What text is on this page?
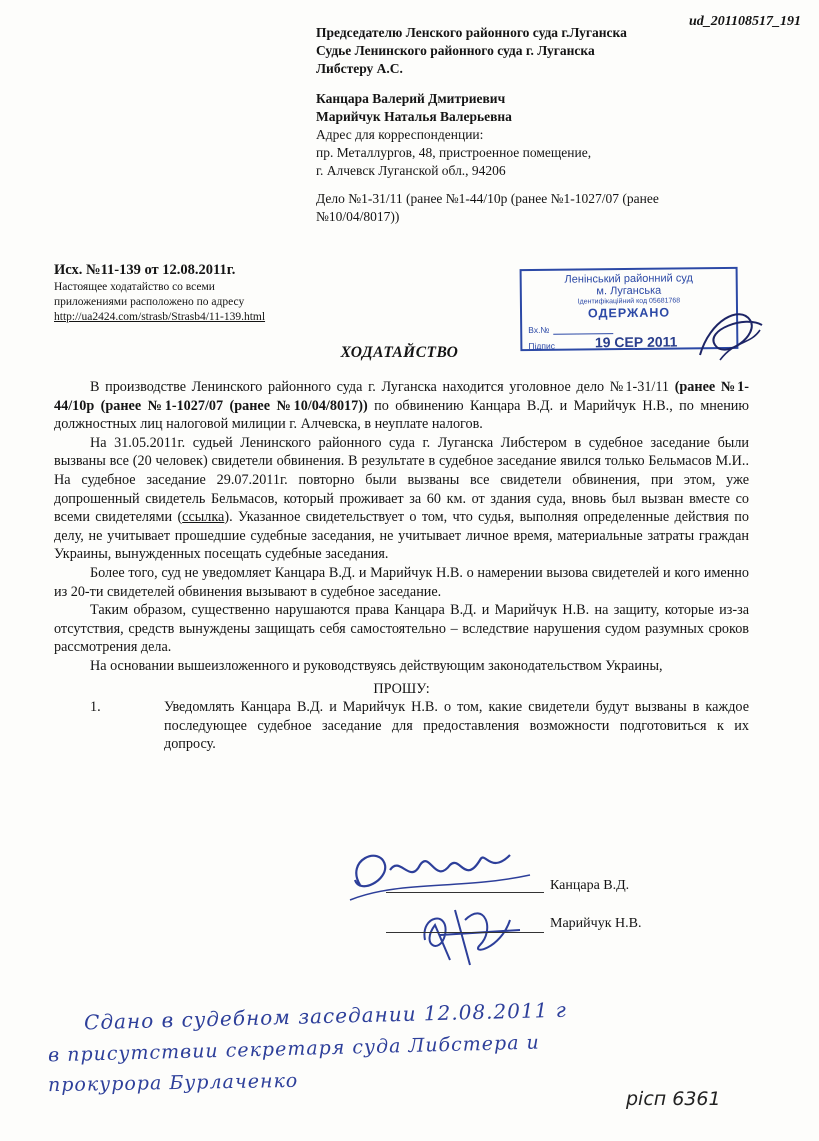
ud_201108517_191
Председателю Ленского районного суда г.Луганска
Судье Ленинского районного суда г. Луганска
Либстеру А.С.
Канцара Валерий Дмитриевич
Марийчук Наталья Валерьевна
Адрес для корреспонденции:
пр. Металлургов, 48, пристроенное помещение,
г. Алчевск Луганской обл., 94206
Дело №1-31/11 (ранее №1-44/10р (ранее №1-1027/07 (ранее №10/04/8017))
Исх. №11-139 от 12.08.2011г.
Настоящее ходатайство со всеми
приложениями расположено по адресу
http://ua2424.com/strasb/Strasb4/11-139.html
Ленінський районний суд
м. Луганська
Ідентифікаційний код 05681768
ОДЕРЖАНО
Вх.№
Підпис	19 СЕР 2011
ХОДАТАЙСТВО

В производстве Ленинского районного суда г. Луганска находится уголовное дело №1-31/11 (ранее №1-44/10р (ранее №1-1027/07 (ранее №10/04/8017)) по обвинению Канцара В.Д. и Марийчук Н.В., по мнению должностных лиц налоговой милиции г. Алчевска, в неуплате налогов.

На 31.05.2011г. судьей Ленинского районного суда г. Луганска Либстером в судебное заседание были вызваны все (20 человек) свидетели обвинения. В результате в судебное заседание явился только Бельмасов М.И.. На судебное заседание 29.07.2011г. повторно были вызваны все свидетели обвинения, при этом, уже допрошенный свидетель Бельмасов, который проживает за 60 км. от здания суда, вновь был вызван вместе со всеми свидетелями (ссылка). Указанное свидетельствует о том, что судья, выполняя определенные действия по делу, не учитывает прошедшие судебные заседания, не учитывает личное время, материальные затраты граждан Украины, вынужденных посещать судебные заседания.

Более того, суд не уведомляет Канцара В.Д. и Марийчук Н.В. о намерении вызова свидетелей и кого именно из 20-ти свидетелей обвинения вызывают в судебное заседание.

Таким образом, существенно нарушаются права Канцара В.Д. и Марийчук Н.В. на защиту, которые из-за отсутствия, средств вынуждены защищать себя самостоятельно – вследствие нарушения судом разумных сроков рассмотрения дела.

На основании вышеизложенного и руководствуясь действующим законодательством Украины,

ПРОШУ:

1.	Уведомлять Канцара В.Д. и Марийчук Н.В. о том, какие свидетели будут вызваны в каждое последующее судебное заседание для предоставления возможности подготовиться к их допросу.
Канцара В.Д.
Марийчук Н.В.
Сдано в судебном заседании 12.08.2011 г
в присутствии секретаря суда Либстера и
прокурора Бурлаченко
рісп 6361
